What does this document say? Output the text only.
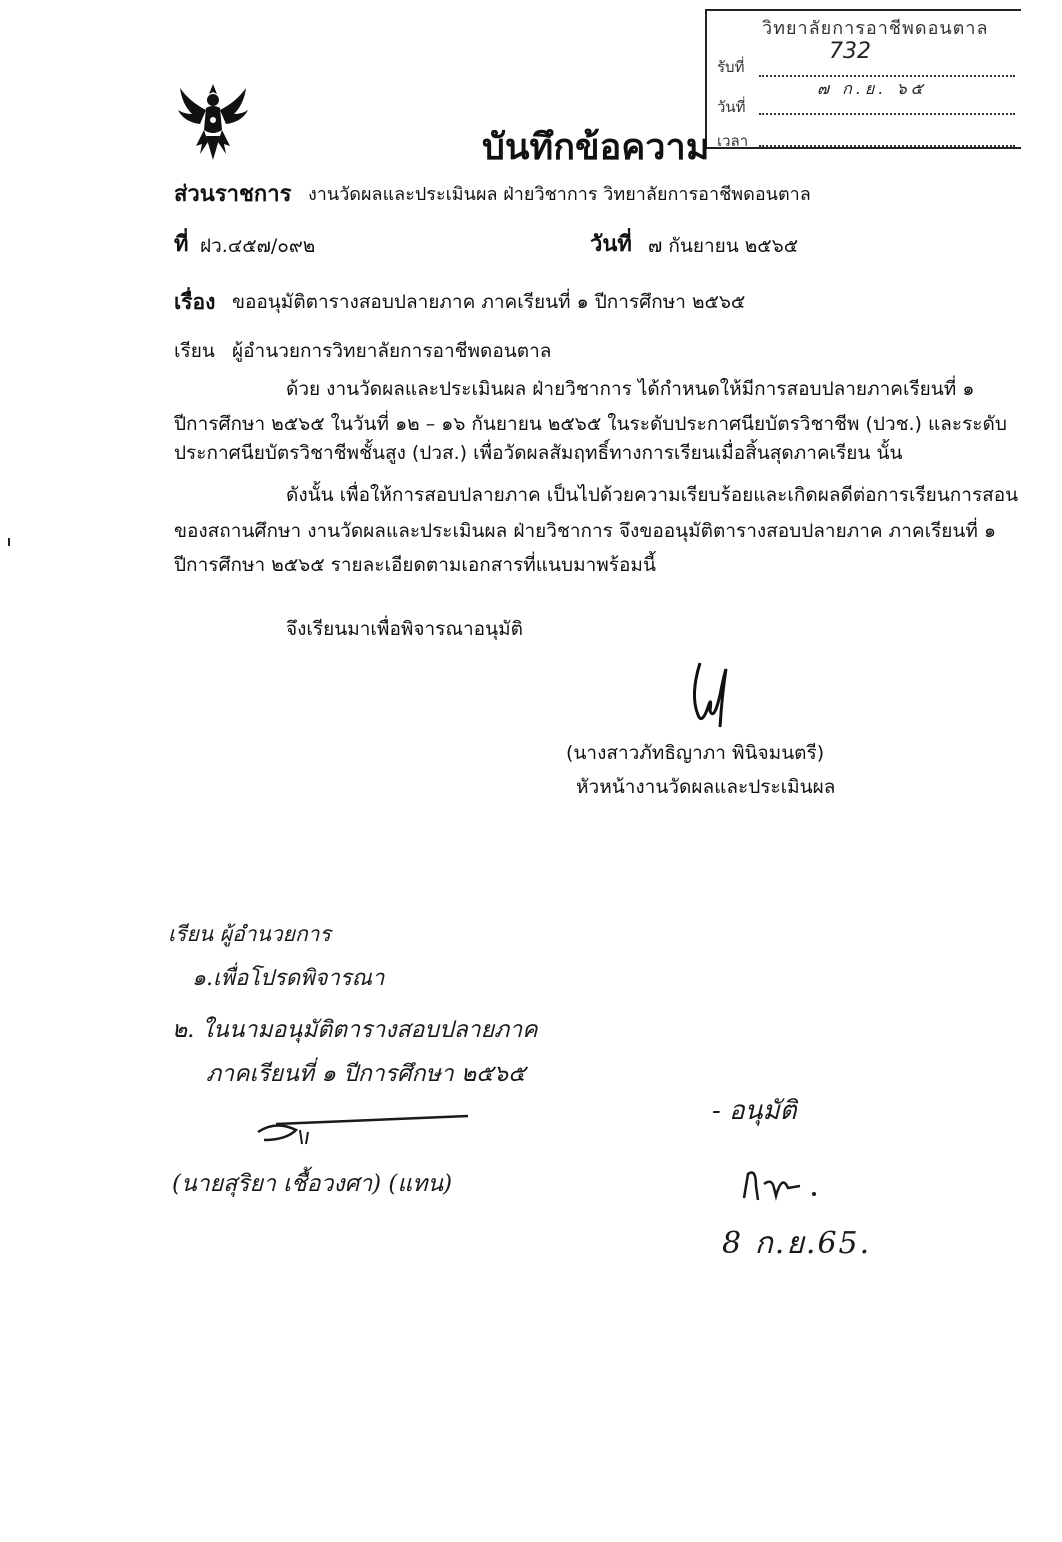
วิทยาลัยการอาชีพดอนตาล
รับที่
732
วันที่
๗ ก.ย. ๖๕
เวลา
บันทึกข้อความ
ส่วนราชการ งานวัดผลและประเมินผล ฝ่ายวิชาการ วิทยาลัยการอาชีพดอนตาล
ที่ ฝว.๔๕๗/๐๙๒	วันที่ ๗ กันยายน ๒๕๖๕
เรื่อง ขออนุมัติตารางสอบปลายภาค ภาคเรียนที่ ๑ ปีการศึกษา ๒๕๖๕
เรียน ผู้อำนวยการวิทยาลัยการอาชีพดอนตาล
ด้วย งานวัดผลและประเมินผล ฝ่ายวิชาการ ได้กำหนดให้มีการสอบปลายภาคเรียนที่ ๑
ปีการศึกษา ๒๕๖๕ ในวันที่ ๑๒ – ๑๖ กันยายน ๒๕๖๕ ในระดับประกาศนียบัตรวิชาชีพ (ปวช.) และระดับ
ประกาศนียบัตรวิชาชีพชั้นสูง (ปวส.) เพื่อวัดผลสัมฤทธิ์ทางการเรียนเมื่อสิ้นสุดภาคเรียน นั้น
ดังนั้น เพื่อให้การสอบปลายภาค เป็นไปด้วยความเรียบร้อยและเกิดผลดีต่อการเรียนการสอน
ของสถานศึกษา งานวัดผลและประเมินผล ฝ่ายวิชาการ จึงขออนุมัติตารางสอบปลายภาค ภาคเรียนที่ ๑
ปีการศึกษา ๒๕๖๕ รายละเอียดตามเอกสารที่แนบมาพร้อมนี้
จึงเรียนมาเพื่อพิจารณาอนุมัติ
(นางสาวภัทธิญาภา พินิจมนตรี)
หัวหน้างานวัดผลและประเมินผล
เรียน ผู้อำนวยการ
๑.เพื่อโปรดพิจารณา
๒. ในนามอนุมัติตารางสอบปลายภาค
ภาคเรียนที่ ๑ ปีการศึกษา ๒๕๖๕
(นายสุริยา เชื้อวงศา) (แทน)
- อนุมัติ
8 ก.ย.65.
